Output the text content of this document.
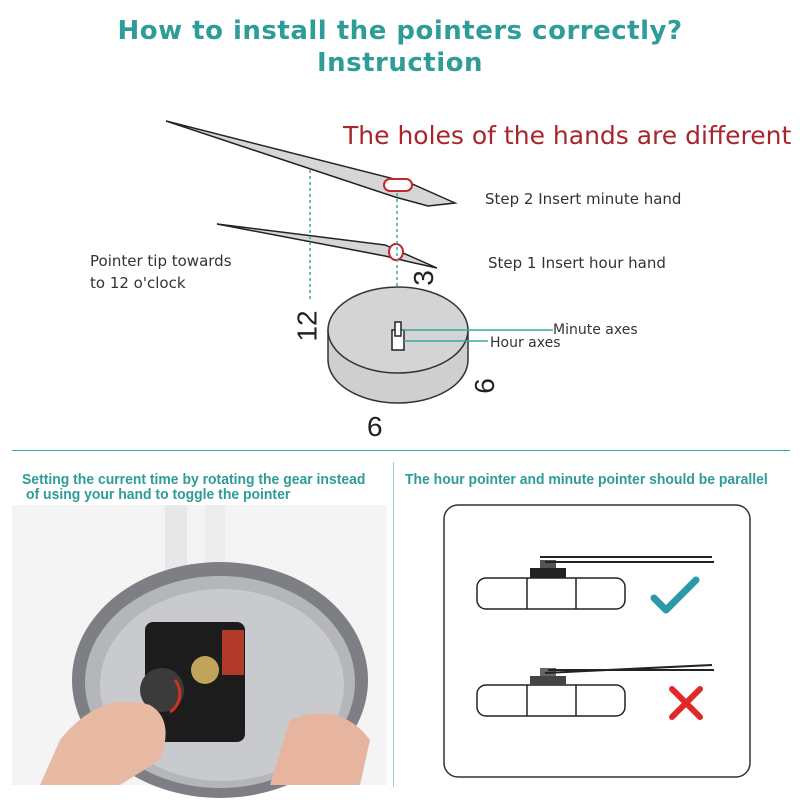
How to install the pointers correctly?
Instruction
The holes of the hands are different
Step 2 Insert minute hand
Step 1 Insert hour hand
Pointer tip towards
to 12 o'clock
Minute axes
Hour axes
12
3
6
9
Setting the current time by rotating the gear instead
of using your hand to toggle the pointer
The hour pointer and minute pointer should be parallel
